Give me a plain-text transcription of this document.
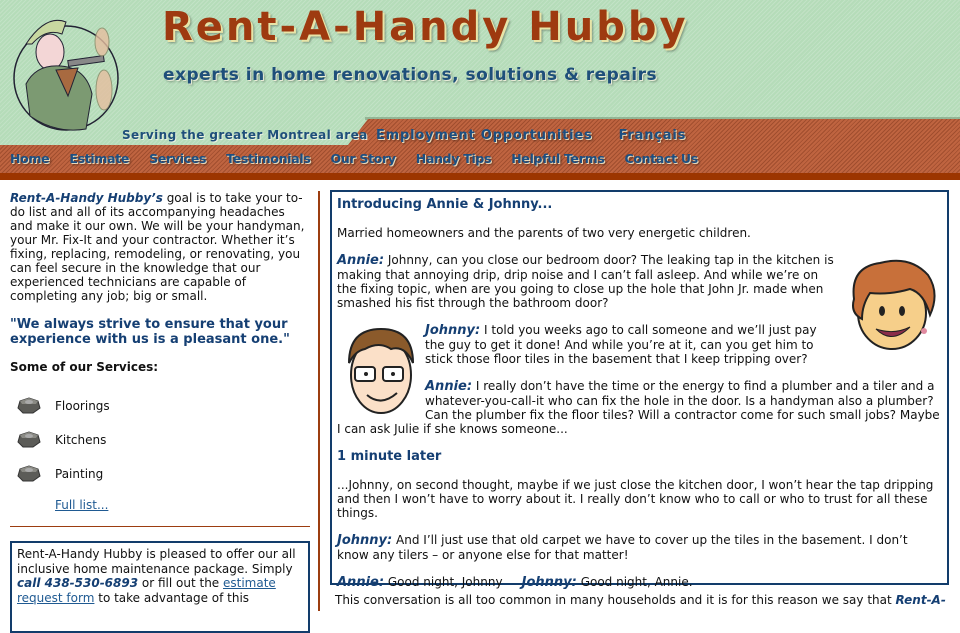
Rent-A-Handy Hubby
experts in home renovations, solutions & repairs
Serving the greater Montreal area Employment Opportunities Français
Home Estimate Services Testimonials Our Story Handy Tips Helpful Terms Contact Us

Rent-A-Handy Hubby’s goal is to take your to-do list and all of its accompanying headaches and make it our own. We will be your handyman, your Mr. Fix-It and your contractor. Whether it’s fixing, replacing, remodeling, or renovating, you can feel secure in the knowledge that our experienced technicians are capable of completing any job; big or small.

"We always strive to ensure that your experience with us is a pleasant one."

Some of our Services:

Floorings
Kitchens
Painting
Full list...
Rent-A-Handy Hubby is pleased to offer our all inclusive home maintenance package. Simply call 438-530-6893 or fill out the estimate request form to take advantage of this
Introducing Annie & Johnny...

Married homeowners and the parents of two very energetic children.

Annie: Johnny, can you close our bedroom door? The leaking tap in the kitchen is making that annoying drip, drip noise and I can’t fall asleep. And while we’re on the fixing topic, when are you going to close up the hole that John Jr. made when smashed his fist through the bathroom door?

Johnny: I told you weeks ago to call someone and we’ll just pay the guy to get it done! And while you’re at it, can you get him to stick those floor tiles in the basement that I keep tripping over?

Annie: I really don’t have the time or the energy to find a plumber and a tiler and a whatever-you-call-it who can fix the hole in the door. Is a handyman also a plumber? Can the plumber fix the floor tiles? Will a contractor come for such small jobs? Maybe I can ask Julie if she knows someone...

1 minute later

...Johnny, on second thought, maybe if we just close the kitchen door, I won’t hear the tap dripping and then I won’t have to worry about it. I really don’t know who to call or who to trust for all these things.

Johnny: And I’ll just use that old carpet we have to cover up the tiles in the basement. I don’t know any tilers – or anyone else for that matter!

Annie: Good night, Johnny Johnny: Good night, Annie.

This conversation is all too common in many households and it is for this reason we say that Rent-A-
